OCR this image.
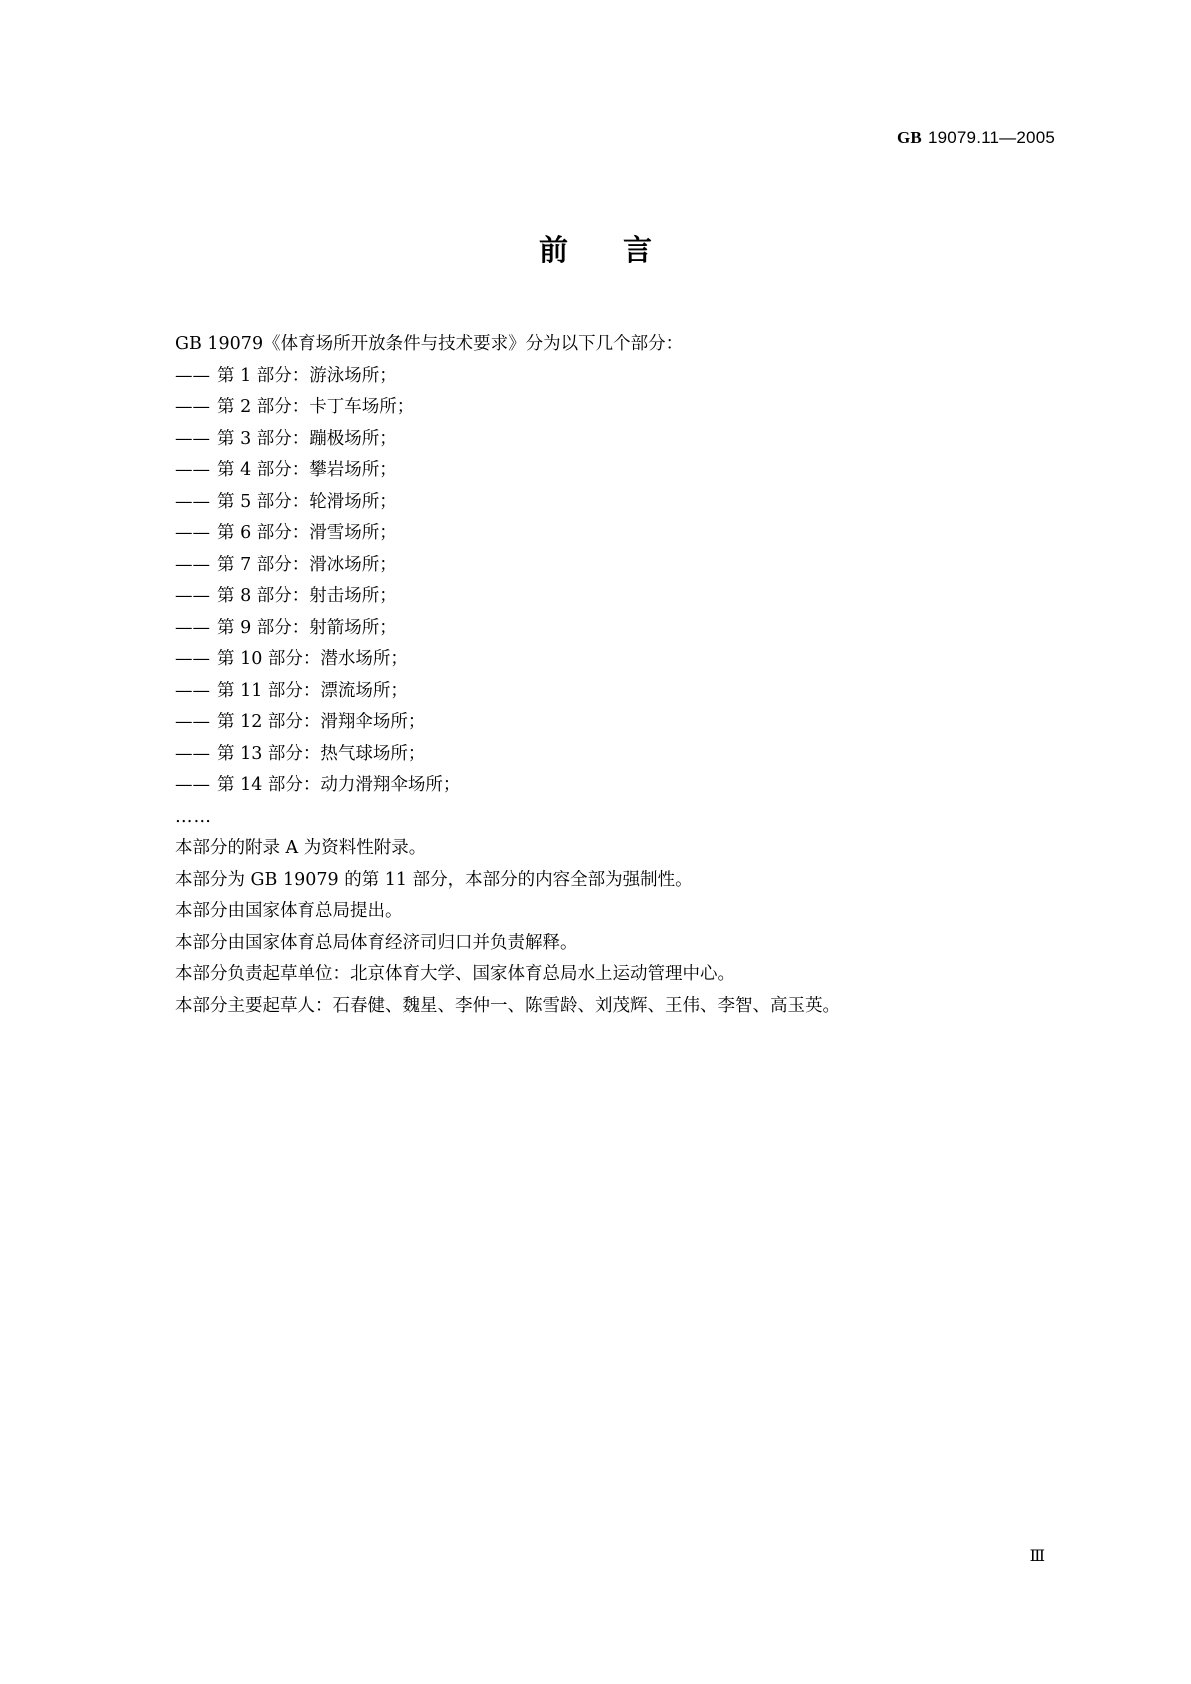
GB 19079.11—2005
前言
GB 19079《体育场所开放条件与技术要求》分为以下几个部分：
—— 第 1 部分：游泳场所；
—— 第 2 部分：卡丁车场所；
—— 第 3 部分：蹦极场所；
—— 第 4 部分：攀岩场所；
—— 第 5 部分：轮滑场所；
—— 第 6 部分：滑雪场所；
—— 第 7 部分：滑冰场所；
—— 第 8 部分：射击场所；
—— 第 9 部分：射箭场所；
—— 第 10 部分：潜水场所；
—— 第 11 部分：漂流场所；
—— 第 12 部分：滑翔伞场所；
—— 第 13 部分：热气球场所；
—— 第 14 部分：动力滑翔伞场所；
……
本部分的附录 A 为资料性附录。
本部分为 GB 19079 的第 11 部分，本部分的内容全部为强制性。
本部分由国家体育总局提出。
本部分由国家体育总局体育经济司归口并负责解释。
本部分负责起草单位：北京体育大学、国家体育总局水上运动管理中心。
本部分主要起草人：石春健、魏星、李仲一、陈雪龄、刘茂辉、王伟、李智、高玉英。
Ⅲ
